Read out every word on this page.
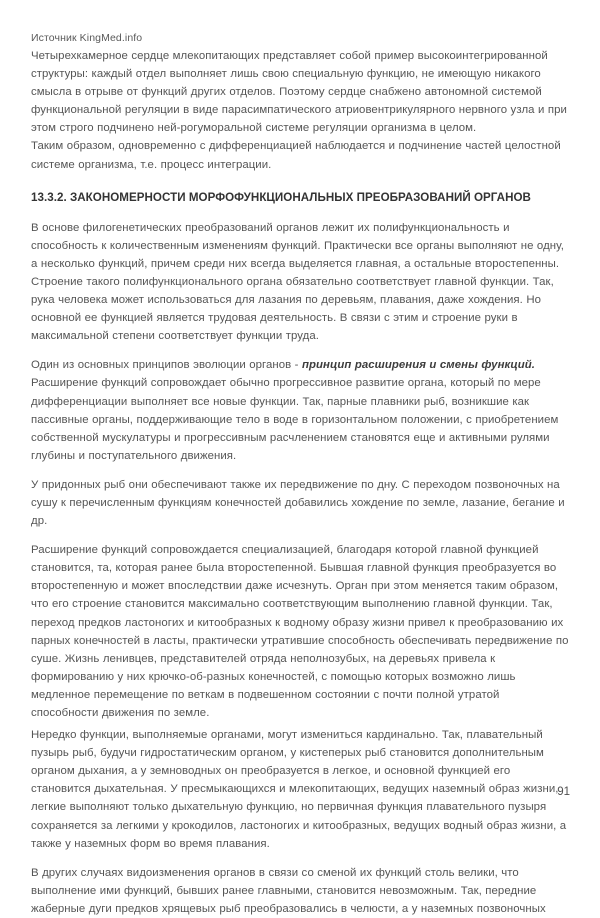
Источник KingMed.info

Четырехкамерное сердце млекопитающих представляет собой пример высокоинтегрированной структуры: каждый отдел выполняет лишь свою специальную функцию, не имеющую никакого смысла в отрыве от функций других отделов. Поэтому сердце снабжено автономной системой функциональной регуляции в виде парасимпатического атриовентрикулярного нервного узла и при этом строго подчинено ней-рогуморальной системе регуляции организма в целом.

Таким образом, одновременно с дифференциацией наблюдается и подчинение частей целостной системе организма, т.е. процесс интеграции.

13.3.2. ЗАКОНОМЕРНОСТИ МОРФОФУНКЦИОНАЛЬНЫХ ПРЕОБРАЗОВАНИЙ ОРГАНОВ

В основе филогенетических преобразований органов лежит их полифункциональность и способность к количественным изменениям функций. Практически все органы выполняют не одну, а несколько функций, причем среди них всегда выделяется главная, а остальные второстепенны. Строение такого полифункционального органа обязательно соответствует главной функции. Так, рука человека может использоваться для лазания по деревьям, плавания, даже хождения. Но основной ее функцией является трудовая деятельность. В связи с этим и строение руки в максимальной степени соответствует функции труда.

Один из основных принципов эволюции органов - принцип расширения и смены функций. Расширение функций сопровождает обычно прогрессивное развитие органа, который по мере дифференциации выполняет все новые функции. Так, парные плавники рыб, возникшие как пассивные органы, поддерживающие тело в воде в горизонтальном положении, с приобретением собственной мускулатуры и прогрессивным расчленением становятся еще и активными рулями глубины и поступательного движения.

У придонных рыб они обеспечивают также их передвижение по дну. С переходом позвоночных на сушу к перечисленным функциям конечностей добавились хождение по земле, лазание, бегание и др.

Расширение функций сопровождается специализацией, благодаря которой главной функцией становится, та, которая ранее была второстепенной. Бывшая главной функция преобразуется во второстепенную и может впоследствии даже исчезнуть. Орган при этом меняется таким образом, что его строение становится максимально соответствующим выполнению главной функции. Так, переход предков ластоногих и китообразных к водному образу жизни привел к преобразованию их парных конечностей в ласты, практически утратившие способность обеспечивать передвижение по суше. Жизнь ленивцев, представителей отряда неполнозубых, на деревьях привела к формированию у них крючко-об-разных конечностей, с помощью которых возможно лишь медленное перемещение по веткам в подвешенном состоянии с почти полной утратой способности движения по земле.

Нередко функции, выполняемые органами, могут измениться кардинально. Так, плавательный пузырь рыб, будучи гидростатическим органом, у кистеперых рыб становится дополнительным органом дыхания, а у земноводных он преобразуется в легкое, и основной функцией его становится дыхательная. У пресмыкающихся и млекопитающих, ведущих наземный образ жизни, легкие выполняют только дыхательную функцию, но первичная функция плавательного пузыря сохраняется за легкими у крокодилов, ластоногих и китообразных, ведущих водный образ жизни, а также у наземных форм во время плавания.

В других случаях видоизменения органов в связи со сменой их функций столь велики, что выполнение ими функций, бывших ранее главными, становится невозможным. Так, передние жаберные дуги предков хрящевых рыб преобразовались в челюсти, а у наземных позвоночных

91
